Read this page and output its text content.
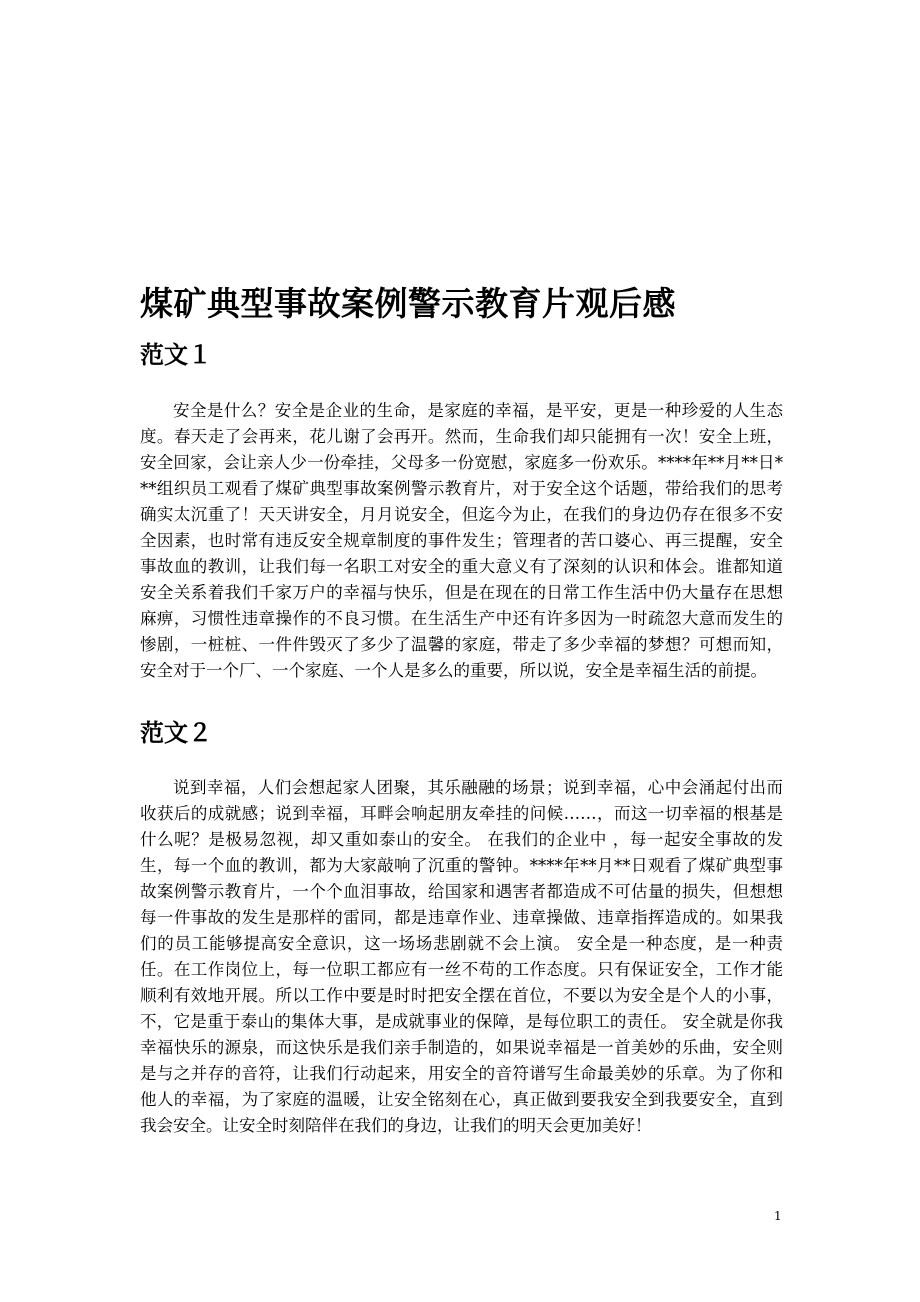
煤矿典型事故案例警示教育片观后感
范文１

安全是什么？安全是企业的生命，是家庭的幸福，是平安，更是一种珍爱的人生态度。春天走了会再来，花儿谢了会再开。然而，生命我们却只能拥有一次！安全上班，安全回家，会让亲人少一份牵挂，父母多一份宽慰，家庭多一份欢乐。****年**月**日***组织员工观看了煤矿典型事故案例警示教育片，对于安全这个话题，带给我们的思考确实太沉重了！天天讲安全，月月说安全，但迄今为止，在我们的身边仍存在很多不安全因素，也时常有违反安全规章制度的事件发生；管理者的苦口婆心、再三提醒，安全事故血的教训，让我们每一名职工对安全的重大意义有了深刻的认识和体会。谁都知道安全关系着我们千家万户的幸福与快乐，但是在现在的日常工作生活中仍大量存在思想麻痹，习惯性违章操作的不良习惯。在生活生产中还有许多因为一时疏忽大意而发生的惨剧，一桩桩、一件件毁灭了多少了温馨的家庭，带走了多少幸福的梦想？可想而知，安全对于一个厂、一个家庭、一个人是多么的重要，所以说，安全是幸福生活的前提。

范文２

说到幸福，人们会想起家人团聚，其乐融融的场景；说到幸福，心中会涌起付出而收获后的成就感；说到幸福，耳畔会响起朋友牵挂的问候……，而这一切幸福的根基是什么呢？是极易忽视，却又重如泰山的安全。 在我们的企业中 ，每一起安全事故的发生，每一个血的教训，都为大家敲响了沉重的警钟。****年**月**日观看了煤矿典型事故案例警示教育片，一个个血泪事故，给国家和遇害者都造成不可估量的损失，但想想每一件事故的发生是那样的雷同，都是违章作业、违章操做、违章指挥造成的。如果我们的员工能够提高安全意识，这一场场悲剧就不会上演。 安全是一种态度，是一种责任。在工作岗位上，每一位职工都应有一丝不苟的工作态度。只有保证安全，工作才能顺利有效地开展。所以工作中要是时时把安全摆在首位，不要以为安全是个人的小事，不，它是重于泰山的集体大事，是成就事业的保障，是每位职工的责任。 安全就是你我幸福快乐的源泉，而这快乐是我们亲手制造的，如果说幸福是一首美妙的乐曲，安全则是与之并存的音符，让我们行动起来，用安全的音符谱写生命最美妙的乐章。为了你和他人的幸福，为了家庭的温暖，让安全铭刻在心，真正做到要我安全到我要安全，直到我会安全。让安全时刻陪伴在我们的身边，让我们的明天会更加美好！

1
